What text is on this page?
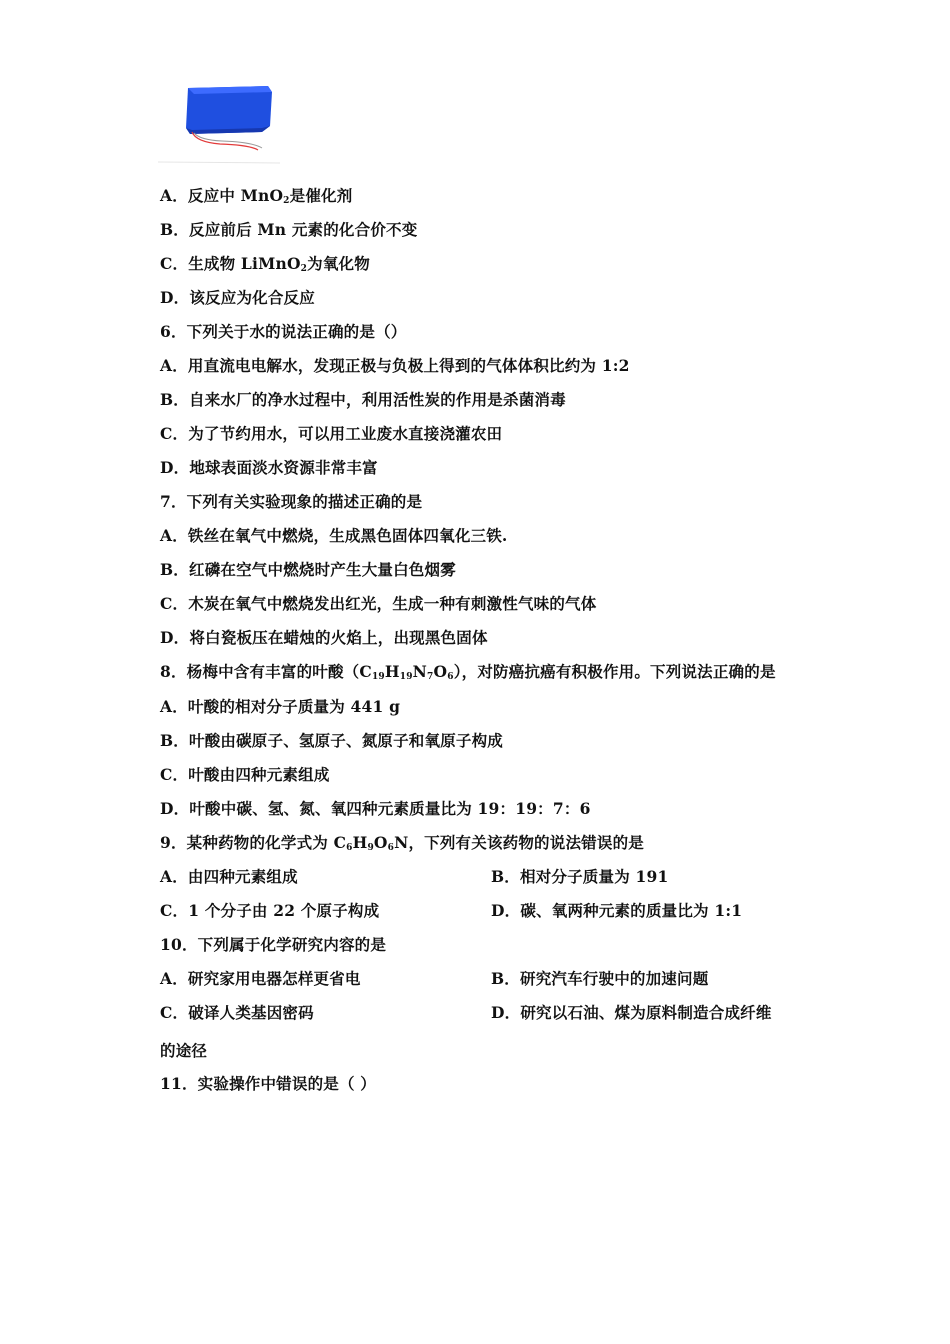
A．反应中 MnO$_2$是催化剂
B．反应前后 Mn 元素的化合价不变
C．生成物 LiMnO$_2$为氧化物
D．该反应为化合反应
6．下列关于水的说法正确的是（）
A．用直流电电解水，发现正极与负极上得到的气体体积比约为 1:2
B．自来水厂的净水过程中，利用活性炭的作用是杀菌消毒
C．为了节约用水，可以用工业废水直接浇灌农田
D．地球表面淡水资源非常丰富
7．下列有关实验现象的描述正确的是
A．铁丝在氧气中燃烧，生成黑色固体四氧化三铁.
B．红磷在空气中燃烧时产生大量白色烟雾
C．木炭在氧气中燃烧发出红光，生成一种有刺激性气味的气体
D．将白瓷板压在蜡烛的火焰上，出现黑色固体
8．杨梅中含有丰富的叶酸$(C_{19}H_{19}N_7O_6)$，对防癌抗癌有积极作用。下列说法正确的是
A．叶酸的相对分子质量为 441 g
B．叶酸由碳原子、氢原子、氮原子和氧原子构成
C．叶酸由四种元素组成
D．叶酸中碳、氢、氮、氧四种元素质量比为 19：19：7：6
9．某种药物的化学式为 $C_6H_9O_6N$，下列有关该药物的说法错误的是
A．由四种元素组成	B．相对分子质量为 191
C．1 个分子由 22 个原子构成	D．碳、氧两种元素的质量比为 1:1
10．下列属于化学研究内容的是
A．研究家用电器怎样更省电	B．研究汽车行驶中的加速问题
C．破译人类基因密码	D．研究以石油、煤为原料制造合成纤维
的途径
11．实验操作中错误的是（ ）
